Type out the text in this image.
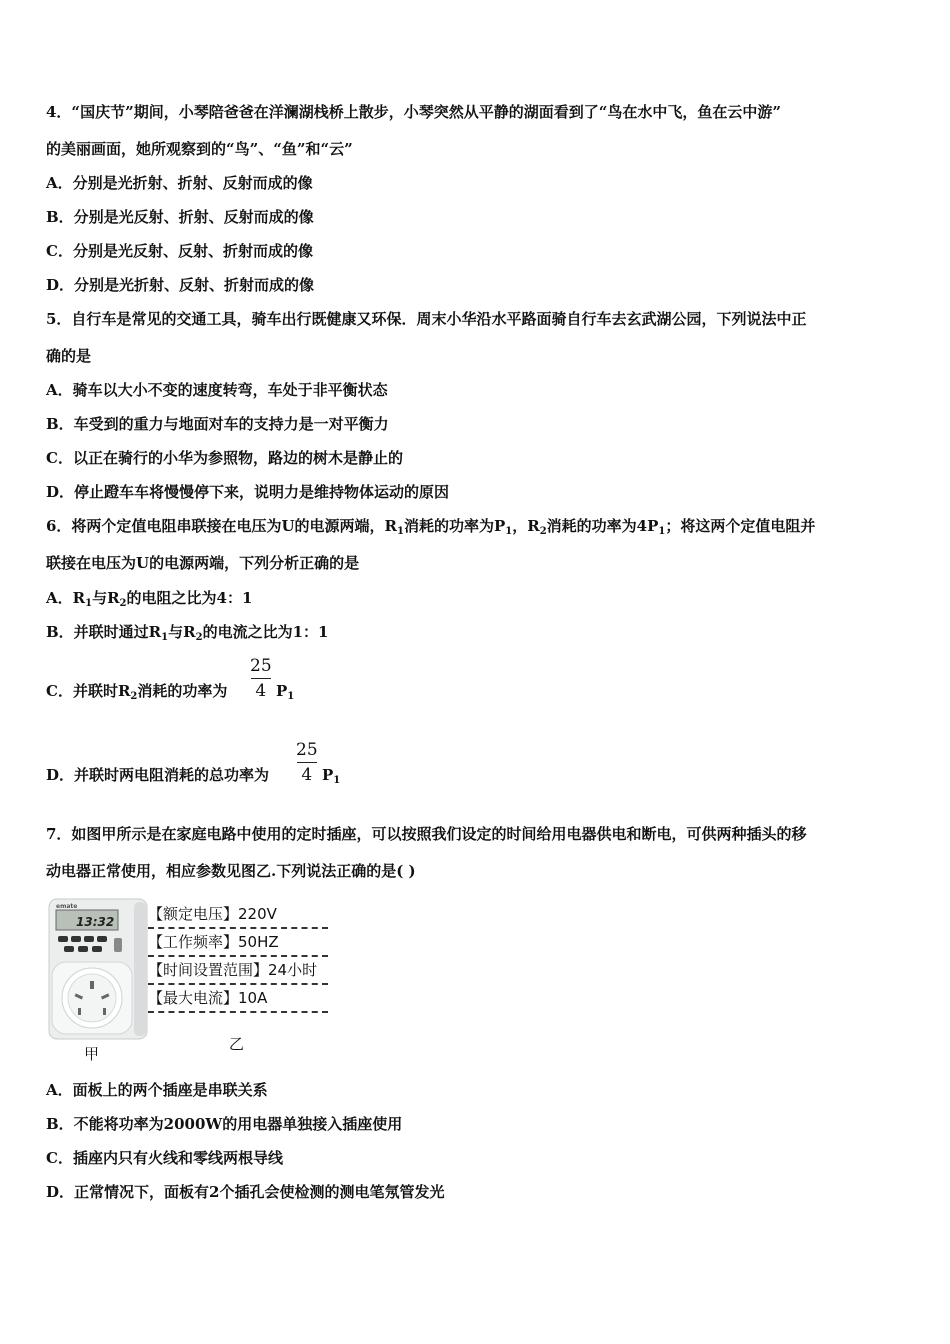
4．“国庆节”期间，小琴陪爸爸在洋澜湖栈桥上散步，小琴突然从平静的湖面看到了“鸟在水中飞，鱼在云中游”
的美丽画面，她所观察到的“鸟”、“鱼”和“云”
A．分别是光折射、折射、反射而成的像
B．分别是光反射、折射、反射而成的像
C．分别是光反射、反射、折射而成的像
D．分别是光折射、反射、折射而成的像
5．自行车是常见的交通工具，骑车出行既健康又环保．周末小华沿水平路面骑自行车去玄武湖公园，下列说法中正
确的是
A．骑车以大小不变的速度转弯，车处于非平衡状态
B．车受到的重力与地面对车的支持力是一对平衡力
C．以正在骑行的小华为参照物，路边的树木是静止的
D．停止蹬车车将慢慢停下来，说明力是维持物体运动的原因
6．将两个定值电阻串联接在电压为U的电源两端，$R_1$消耗的功率为$P_1$，$R_2$消耗的功率为$4P_1$；将这两个定值电阻并
联接在电压为U的电源两端，下列分析正确的是
A．$R_1$与$R_2$的电阻之比为4：1
B．并联时通过$R_1$与$R_2$的电流之比为1：1
C．并联时$R_2$消耗的功率为
25
4 $P_1$
D．并联时两电阻消耗的总功率为
25
4 $P_1$
7．如图甲所示是在家庭电路中使用的定时插座，可以按照我们设定的时间给用电器供电和断电，可供两种插头的移
动电器正常使用，相应参数见图乙.下列说法正确的是( )
emate
13:32 【额定电压】220V
【工作频率】50HZ
【时间设置范围】24小时
【最大电流】10A
甲
乙
A．面板上的两个插座是串联关系
B．不能将功率为2000W的用电器单独接入插座使用
C．插座内只有火线和零线两根导线
D．正常情况下，面板有2个插孔会使检测的测电笔氖管发光
